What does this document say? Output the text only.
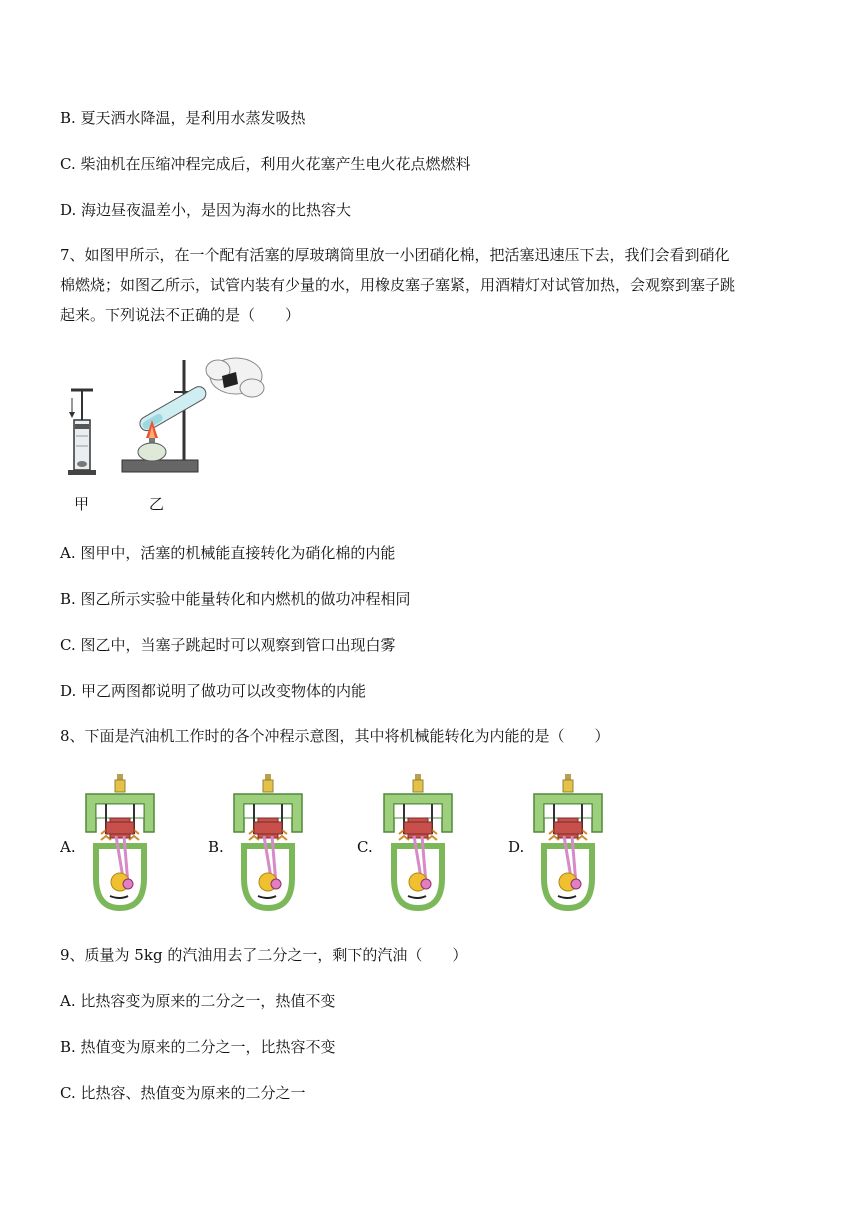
B. 夏天洒水降温，是利用水蒸发吸热
C. 柴油机在压缩冲程完成后，利用火花塞产生电火花点燃燃料
D. 海边昼夜温差小，是因为海水的比热容大
7、如图甲所示，在一个配有活塞的厚玻璃筒里放一小团硝化棉，把活塞迅速压下去，我们会看到硝化
棉燃烧；如图乙所示，试管内装有少量的水，用橡皮塞子塞紧，用酒精灯对试管加热，会观察到塞子跳
起来。下列说法不正确的是（　　）
甲	乙
A. 图甲中，活塞的机械能直接转化为硝化棉的内能
B. 图乙所示实验中能量转化和内燃机的做功冲程相同
C. 图乙中，当塞子跳起时可以观察到管口出现白雾
D. 甲乙两图都说明了做功可以改变物体的内能
8、下面是汽油机工作时的各个冲程示意图，其中将机械能转化为内能的是（　　）
A.	B.	C.	D.
9、质量为 5kg 的汽油用去了二分之一，剩下的汽油（　　）
A. 比热容变为原来的二分之一，热值不变
B. 热值变为原来的二分之一，比热容不变
C. 比热容、热值变为原来的二分之一
